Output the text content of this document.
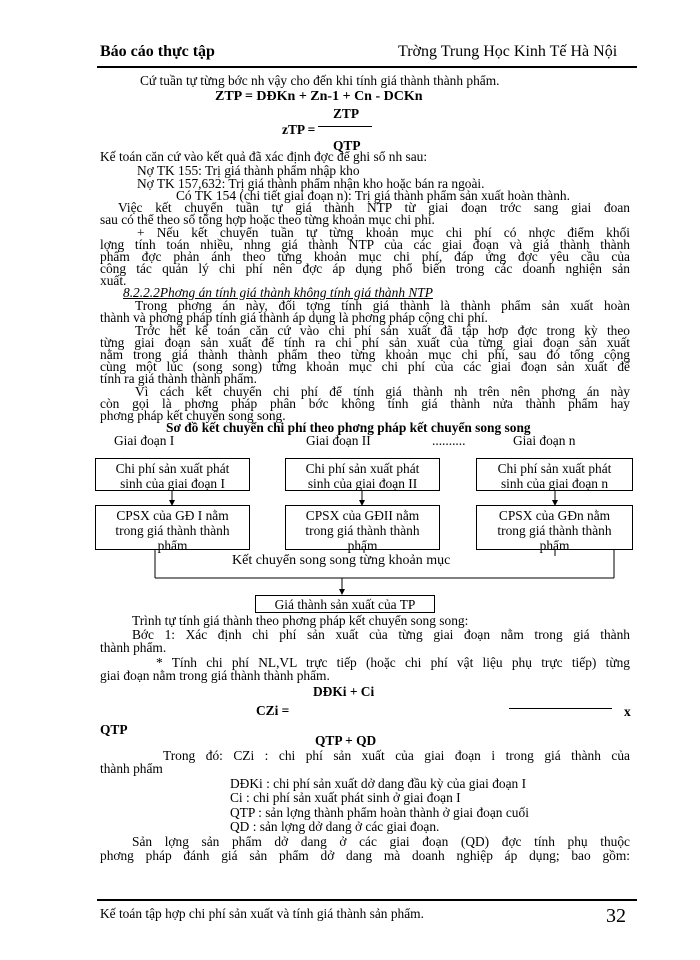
Báo cáo thực tập	Trờng Trung Học Kinh Tế Hà Nội
Cứ tuần tự từng bớc nh vậy cho đến khi tính giá thành thành phẩm.
ZTP = DĐKn + Zn-1 + Cn - DCKn
ZTP
zTP =
QTP
Kế toán căn cứ vào kết quả đã xác định đợc để ghi sổ nh sau:
Nợ TK 155: Trị giá thành phẩm nhập kho
Nợ TK 157,632: Trị giá thành phẩm nhận kho hoặc bán ra ngoài.
Có TK 154 (chi tiết giai đoạn n): Trị giá thành phẩm sản xuất hoàn thành.
Việc kết chuyển tuần tự giá thành NTP từ giai đoạn trớc sang giai đoan
sau có thể theo số tổng hợp hoặc theo từng khoản mục chi phí.
+ Nếu kết chuyển tuần tự từng khoản mục chi phí có nhợc điểm khối
lợng tính toán nhiều, nhng giá thành NTP của các giai đoạn và giá thành thành
phẩm đợc phản ánh theo từng khoản mục chi phí, đáp ứng đợc yêu cầu của
công tác quản lý chi phí nên đợc áp dụng phổ biến trong các doanh nghiện sản
xuất.
8.2.2.2Phơng án tính giá thành không tính giá thành NTP
Trong phơng án này, đối tợng tính giá thành là thành phẩm sản xuất hoàn
thành và phơng pháp tính giá thành áp dụng là phơng pháp cộng chi phí.
Trớc hết kế toán căn cứ vào chi phí sản xuất đã tập hơp đợc trong kỳ theo
từng giai đoạn sản xuất để tính ra chi phí sản xuất của từng giai đoạn sản xuất
nằm trong giá thành thành phẩm theo từng khoản mục chi phí, sau đó tổng cộng
cùng một lúc (song song) từng khoản mục chi phí của các giai đoạn sản xuất để
tính ra giá thành thành phẩm.
Vì cách kết chuyển chi phí để tính giá thành nh trên nên phơng án này
còn gọi là phơng pháp phân bớc không tính giá thành nửa thành phẩm hay
phơng pháp kết chuyển song song.
Sơ đồ kết chuyển chi phí theo phơng pháp kết chuyển song song
Giai đoạn I	Giai đoạn II	..........	Giai đoạn n
Chi phí sản xuất phát
sinh của giai đoạn I
Chi phí sản xuất phát
sinh của giai đoạn II
Chi phí sản xuất phát
sinh của giai đoạn n
CPSX của GĐ I nằm
trong giá thành thành
phẩm
CPSX của GĐII nằm
trong giá thành thành
phẩm
CPSX của GĐn nằm
trong giá thành thành
phẩm
Kết chuyển song song từng khoản mục
Giá thành sản xuất của TP
Trình tự tính giá thành theo phơng pháp kết chuyển song song:
Bớc 1: Xác định chi phí sản xuất của từng giai đoạn nằm trong giá thành
thành phẩm.
* Tính chi phí NL,VL trực tiếp (hoặc chi phí vật liệu phụ trực tiếp) từng
giai đoạn nằm trong giá thành thành phẩm.
DĐKi + Ci
CZi =	x
QTP
QTP + QD
Trong đó: CZi : chi phí sản xuất của giai đoạn i trong giá thành của
thành phẩm
DĐKi : chi phí sản xuất dở dang đầu kỳ của giai đoạn I
Ci : chi phí sản xuất phát sinh ở giai đoạn I
QTP : sản lợng thành phẩm hoàn thành ở giai đoạn cuối
QD : sản lợng dở dang ở các giai đoạn.
Sản lợng sản phẩm dở dang ở các giai đoạn (QD) đợc tính phụ thuộc
phơng pháp đánh giá sản phẩm dở dang mà doanh nghiệp áp dụng; bao gồm:
Kế toán tập hợp chi phí sản xuất và tính giá thành sản phẩm.	32
